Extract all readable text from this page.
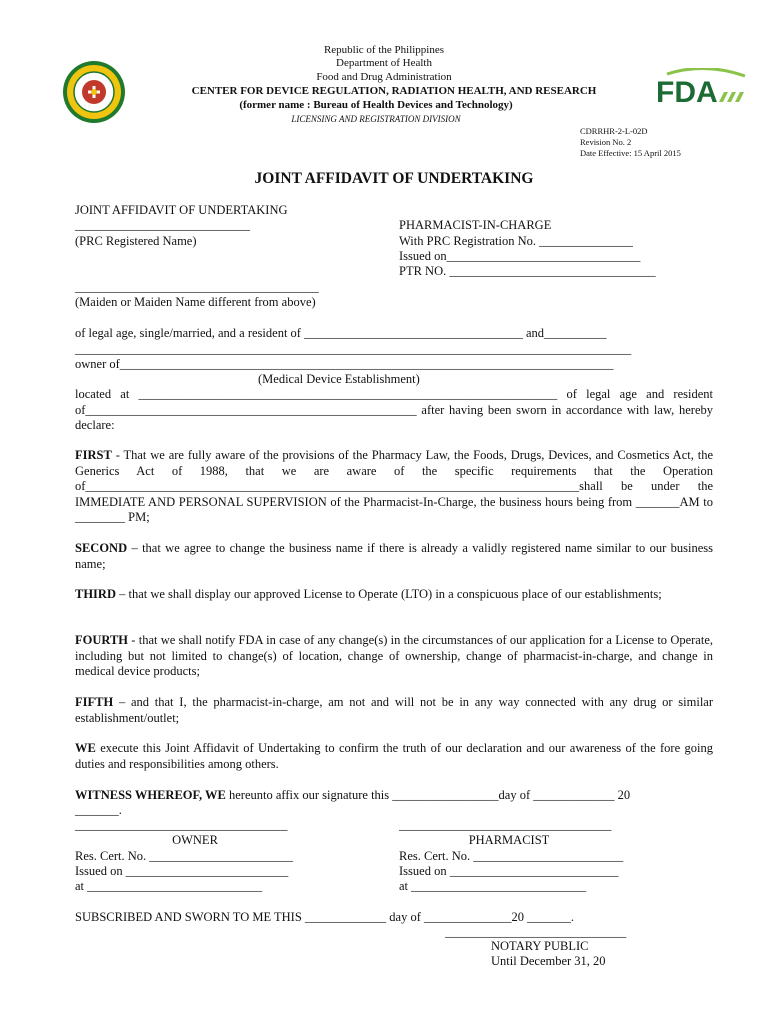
FDA
Republic of the Philippines
Department of Health
Food and Drug Administration
CENTER FOR DEVICE REGULATION, RADIATION HEALTH, AND RESEARCH
(former name : Bureau of Health Devices and Technology)
LICENSING AND REGISTRATION DIVISION
CDRRHR-2-L-02D
Revision No. 2
Date Effective: 15 April 2015
JOINT AFFIDAVIT OF UNDERTAKING
JOINT AFFIDAVIT OF UNDERTAKING
____________________________
(PRC Registered Name)
PHARMACIST-IN-CHARGE
With PRC Registration No. _______________
Issued on_______________________________
PTR NO. _________________________________
_______________________________________
(Maiden or Maiden Name different from above)
of legal age, single/married, and a resident of ___________________________________ and__________
_________________________________________________________________________________________
owner of_______________________________________________________________________________
(Medical Device Establishment)
located at ___________________________________________________________________ of legal age and resident of_____________________________________________________ after having been sworn in accordance with law, hereby declare:
FIRST - That we are fully aware of the provisions of the Pharmacy Law, the Foods, Drugs, Devices, and Cosmetics Act, the Generics Act of 1988, that we are aware of the specific requirements that the Operation of_______________________________________________________________________________shall be under the IMMEDIATE AND PERSONAL SUPERVISION of the Pharmacist-In-Charge, the business hours being from _______AM to ________ PM;
SECOND – that we agree to change the business name if there is already a validly registered name similar to our business name;
THIRD – that we shall display our approved License to Operate (LTO) in a conspicuous place of our establishments;
FOURTH - that we shall notify FDA in case of any change(s) in the circumstances of our application for a License to Operate, including but not limited to change(s) of location, change of ownership, change of pharmacist-in-charge, and change in medical device products;
FIFTH – and that I, the pharmacist-in-charge, am not and will not be in any way connected with any drug or similar establishment/outlet;
WE execute this Joint Affidavit of Undertaking to confirm the truth of our declaration and our awareness of the fore going duties and responsibilities among others.
WITNESS WHEREOF, WE hereunto affix our signature this _________________day of _____________ 20
_______.
__________________________________
OWNER
Res. Cert. No. _______________________
Issued on __________________________
at ____________________________
__________________________________
PHARMACIST
Res. Cert. No. ________________________
Issued on ___________________________
at ____________________________
SUBSCRIBED AND SWORN TO ME THIS _____________ day of ______________20 _______.
_____________________________
NOTARY PUBLIC
Until December 31, 20
